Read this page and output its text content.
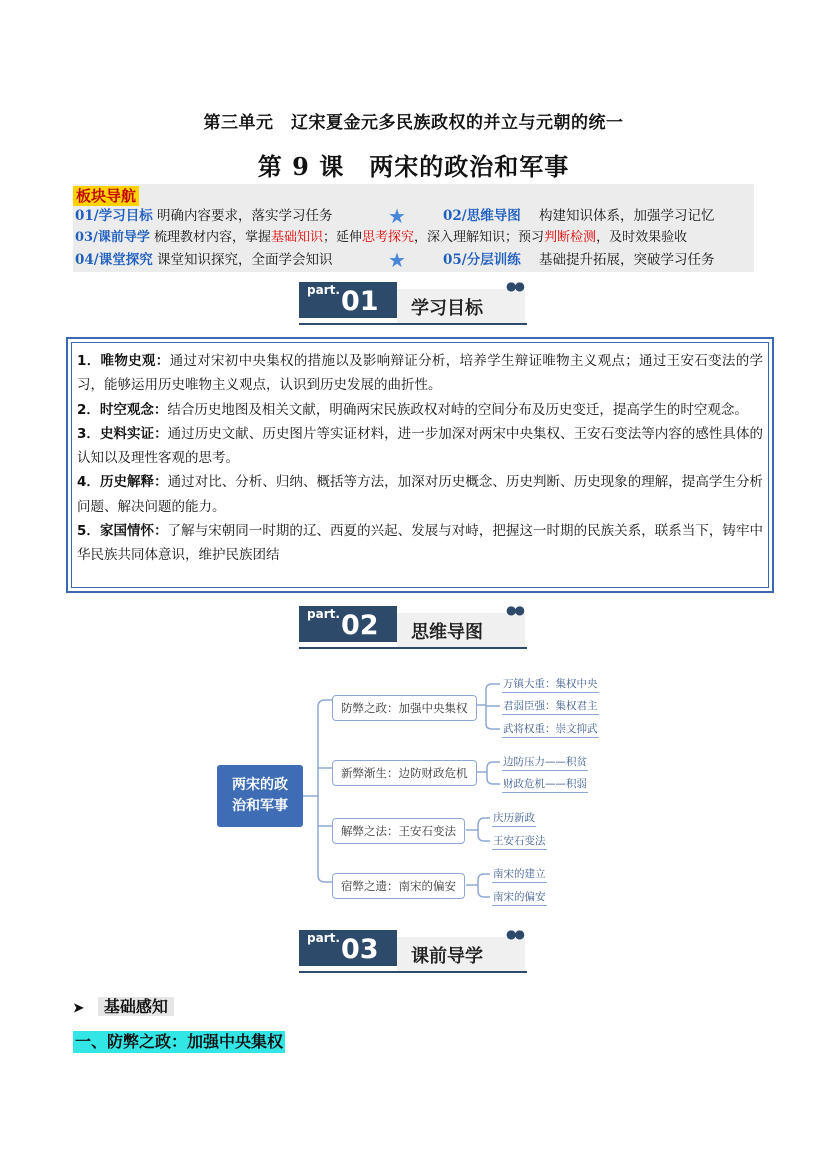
第三单元　辽宋夏金元多民族政权的并立与元朝的统一
第 9 课　两宋的政治和军事
板块导航
01/学习目标 明确内容要求，落实学习任务	★	02/思维导图 构建知识体系，加强学习记忆
03/课前导学 梳理教材内容，掌握基础知识；延伸思考探究，深入理解知识；预习判断检测，及时效果验收
04/课堂探究 课堂知识探究，全面学会知识	★	05/分层训练 基础提升拓展，突破学习任务
part. 01 学习目标
●●

1．唯物史观：通过对宋初中央集权的措施以及影响辩证分析，培养学生辩证唯物主义观点；通过王安石变法的学习，能够运用历史唯物主义观点，认识到历史发展的曲折性。

2．时空观念：结合历史地图及相关文献，明确两宋民族政权对峙的空间分布及历史变迁，提高学生的时空观念。

3．史料实证：通过历史文献、历史图片等实证材料，进一步加深对两宋中央集权、王安石变法等内容的感性具体的认知以及理性客观的思考。

4．历史解释：通过对比、分析、归纳、概括等方法，加深对历史概念、历史判断、历史现象的理解，提高学生分析问题、解决问题的能力。

5．家国情怀：了解与宋朝同一时期的辽、西夏的兴起、发展与对峙，把握这一时期的民族关系，联系当下，铸牢中华民族共同体意识，维护民族团结

part. 02 思维导图
●●
两宋的政
治和军事
防弊之政：加强中央集权
新弊渐生：边防财政危机
解弊之法：王安石变法
宿弊之遗：南宋的偏安
万镇大重：集权中央
君弱臣强：集权君主
武将权重：崇文抑武
边防压力——积贫
财政危机——积弱
庆历新政
王安石变法
南宋的建立
南宋的偏安
part. 03 课前导学
●●
➤ 基础感知
一、防弊之政：加强中央集权
